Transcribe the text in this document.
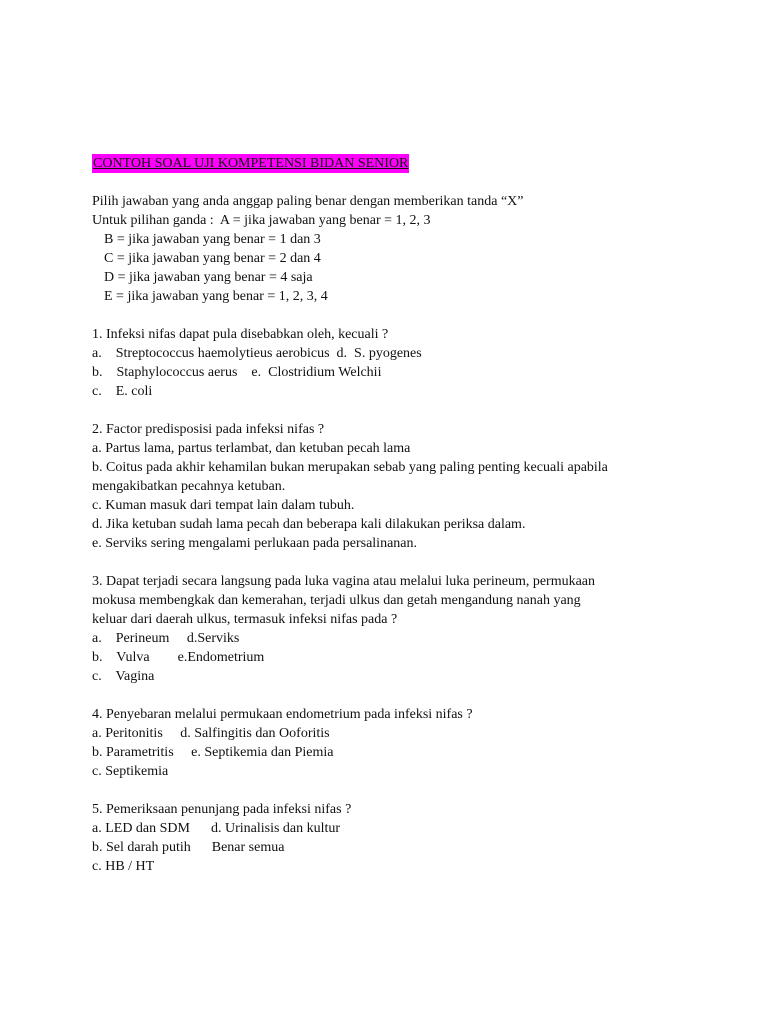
CONTOH SOAL UJI KOMPETENSI BIDAN SENIOR
Pilih jawaban yang anda anggap paling benar dengan memberikan tanda “X”
Untuk pilihan ganda :  A = jika jawaban yang benar = 1, 2, 3
B = jika jawaban yang benar = 1 dan 3
C = jika jawaban yang benar = 2 dan 4
D = jika jawaban yang benar = 4 saja
E = jika jawaban yang benar = 1, 2, 3, 4
1. Infeksi nifas dapat pula disebabkan oleh, kecuali ?
a.    Streptococcus haemolytieus aerobicus  d.  S. pyogenes
b.    Staphylococcus aerus    e.  Clostridium Welchii
c.    E. coli
2. Factor predisposisi pada infeksi nifas ?
a. Partus lama, partus terlambat, dan ketuban pecah lama
b. Coitus pada akhir kehamilan bukan merupakan sebab yang paling penting kecuali apabila
mengakibatkan pecahnya ketuban.
c. Kuman masuk dari tempat lain dalam tubuh.
d. Jika ketuban sudah lama pecah dan beberapa kali dilakukan periksa dalam.
e. Serviks sering mengalami perlukaan pada persalinanan.
3. Dapat terjadi secara langsung pada luka vagina atau melalui luka perineum, permukaan
mokusa membengkak dan kemerahan, terjadi ulkus dan getah mengandung nanah yang
keluar dari daerah ulkus, termasuk infeksi nifas pada ?
a.    Perineum     d.Serviks
b.    Vulva        e.Endometrium
c.    Vagina
4. Penyebaran melalui permukaan endometrium pada infeksi nifas ?
a. Peritonitis     d. Salfingitis dan Ooforitis
b. Parametritis     e. Septikemia dan Piemia
c. Septikemia
5. Pemeriksaan penunjang pada infeksi nifas ?
a. LED dan SDM      d. Urinalisis dan kultur
b. Sel darah putih      Benar semua
c. HB / HT
